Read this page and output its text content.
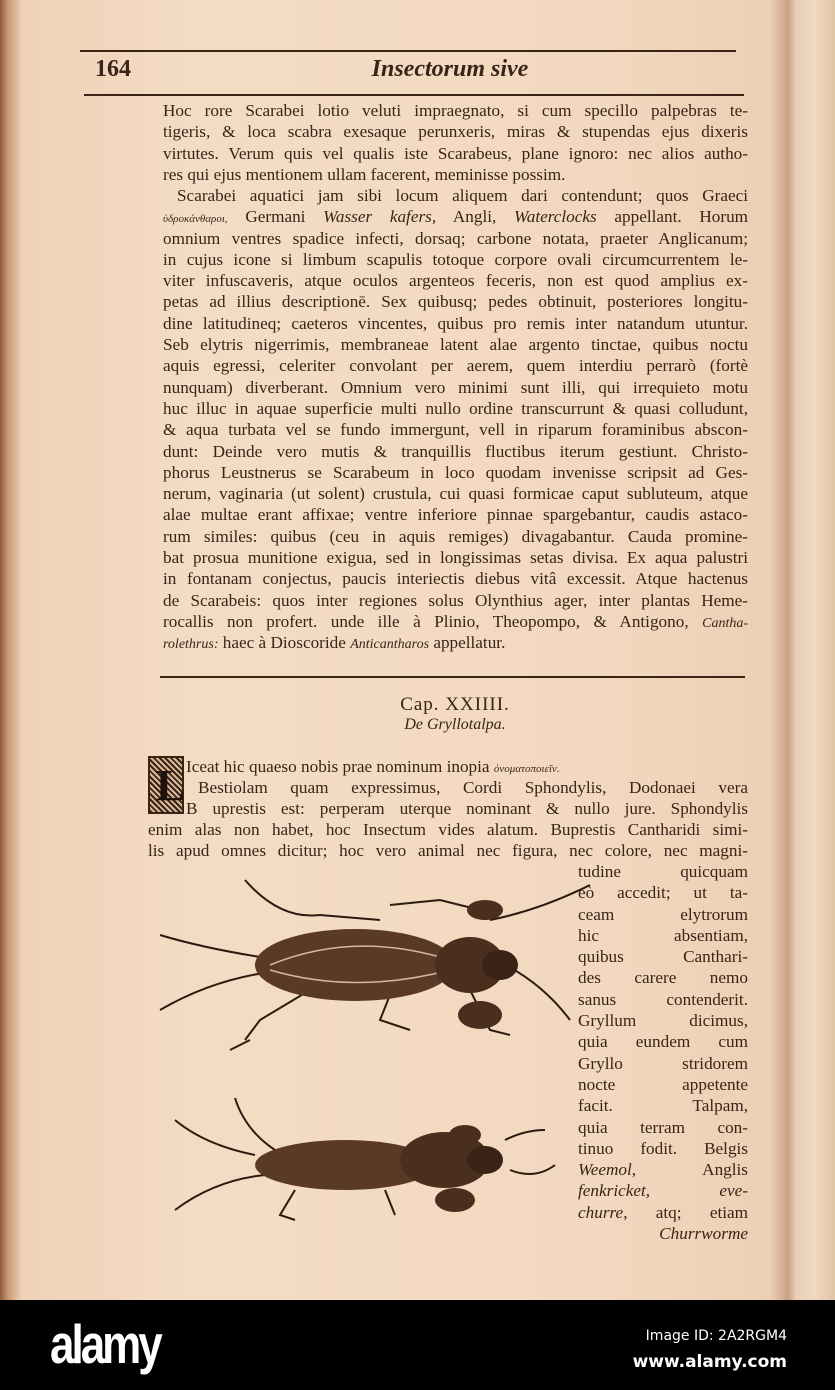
164	Insectorum sive
Hoc rore Scarabei lotio veluti impraegnato, si cum specillo palpebras te-
tigeris, & loca scabra exesaque perunxeris, miras & stupendas ejus dixeris
virtutes. Verum quis vel qualis iste Scarabeus, plane ignoro: nec alios autho-
res qui ejus mentionem ullam facerent, meminisse possim.
Scarabei aquatici jam sibi locum aliquem dari contendunt; quos Graeci
ὑδροκάνθαροι, Germani Wasser kafers, Angli, Waterclocks appellant. Horum
omnium ventres spadice infecti, dorsaq; carbone notata, praeter Anglicanum;
in cujus icone si limbum scapulis totoque corpore ovali circumcurrentem le-
viter infuscaveris, atque oculos argenteos feceris, non est quod amplius ex-
petas ad illius descriptionē. Sex quibusq; pedes obtinuit, posteriores longitu-
dine latitudineq; caeteros vincentes, quibus pro remis inter natandum utuntur.
Seb elytris nigerrimis, membraneae latent alae argento tinctae, quibus noctu
aquis egressi, celeriter convolant per aerem, quem interdiu perrarò (fortè
nunquam) diverberant. Omnium vero minimi sunt illi, qui irrequieto motu
huc illuc in aquae superficie multi nullo ordine transcurrunt & quasi colludunt,
& aqua turbata vel se fundo immergunt, vell in riparum foraminibus abscon-
dunt: Deinde vero mutis & tranquillis fluctibus iterum gestiunt. Christo-
phorus Leustnerus se Scarabeum in loco quodam invenisse scripsit ad Ges-
nerum, vaginaria (ut solent) crustula, cui quasi formicae caput subluteum, atque
alae multae erant affixae; ventre inferiore pinnae spargebantur, caudis astaco-
rum similes: quibus (ceu in aquis remiges) divagabantur. Cauda promine-
bat prosua munitione exigua, sed in longissimas setas divisa. Ex aqua palustri
in fontanam conjectus, paucis interiectis diebus vitâ excessit. Atque hactenus
de Scarabeis: quos inter regiones solus Olynthius ager, inter plantas Heme-
rocallis non profert. unde ille à Plinio, Theopompo, & Antigono, Cantha-
rolethrus: haec à Dioscoride Anticantharos appellatur.
Cap. XXIIII.
De Gryllotalpa.
L Iceat hic quaeso nobis prae nominum inopia ὀνοματοποιεῖν.
Bestiolam quam expressimus, Cordi Sphondylis, Dodonaei vera
B uprestis est: perperam uterque nominant & nullo jure. Sphondylis
enim alas non habet, hoc Insectum vides alatum. Buprestis Cantharidi simi-
lis apud omnes dicitur; hoc vero animal nec figura, nec colore, nec magni-
tudine quicquam
eò accedit; ut ta-
ceam elytrorum
hic absentiam,
quibus Canthari-
des carere nemo
sanus contenderit.
Gryllum dicimus,
quia eundem cum
Gryllo stridorem
nocte appetente
facit. Talpam,
quia terram con-
tinuo fodit. Belgis
Weemol, Anglis
fenkricket, eve-
churre, atq; etiam
Churrworme
alamy	Image ID: 2A2RGM4
www.alamy.com
